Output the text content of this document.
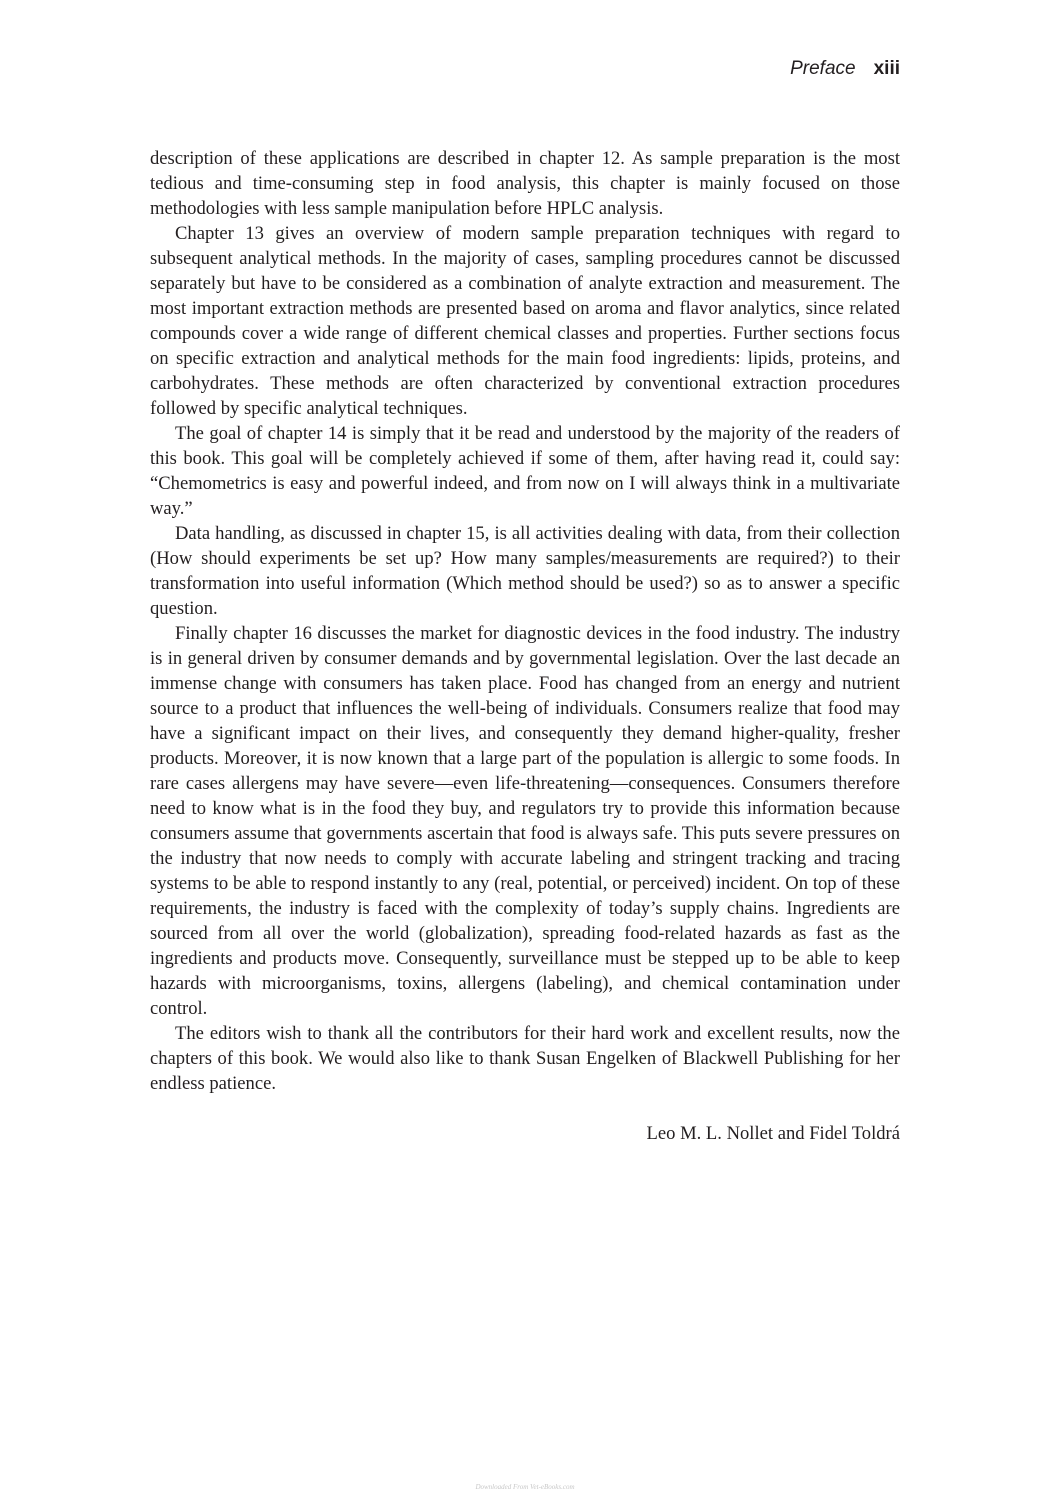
Preface xiii

description of these applications are described in chapter 12. As sample preparation is the most tedious and time-consuming step in food analysis, this chapter is mainly focused on those methodologies with less sample manipulation before HPLC analysis.

Chapter 13 gives an overview of modern sample preparation techniques with regard to subsequent analytical methods. In the majority of cases, sampling procedures cannot be discussed separately but have to be considered as a combination of analyte extraction and measurement. The most important extraction methods are presented based on aroma and flavor analytics, since related compounds cover a wide range of different chemical classes and properties. Further sections focus on specific extraction and analytical methods for the main food ingredients: lipids, proteins, and carbohydrates. These methods are often characterized by conventional extraction procedures followed by specific analytical techniques.

The goal of chapter 14 is simply that it be read and understood by the majority of the readers of this book. This goal will be completely achieved if some of them, after having read it, could say: “Chemometrics is easy and powerful indeed, and from now on I will always think in a multivariate way.”

Data handling, as discussed in chapter 15, is all activities dealing with data, from their collection (How should experiments be set up? How many samples/measurements are required?) to their transformation into useful information (Which method should be used?) so as to answer a specific question.

Finally chapter 16 discusses the market for diagnostic devices in the food industry. The industry is in general driven by consumer demands and by governmental legislation. Over the last decade an immense change with consumers has taken place. Food has changed from an energy and nutrient source to a product that influences the well-being of individuals. Consumers realize that food may have a significant impact on their lives, and consequently they demand higher-quality, fresher products. Moreover, it is now known that a large part of the population is allergic to some foods. In rare cases allergens may have severe—even life-threatening—consequences. Consumers therefore need to know what is in the food they buy, and regulators try to provide this information because consumers assume that governments ascertain that food is always safe. This puts severe pressures on the industry that now needs to comply with accurate labeling and stringent tracking and tracing systems to be able to respond instantly to any (real, potential, or perceived) incident. On top of these requirements, the industry is faced with the complexity of today’s supply chains. Ingredients are sourced from all over the world (globalization), spreading food-related hazards as fast as the ingredients and products move. Consequently, surveillance must be stepped up to be able to keep hazards with microorganisms, toxins, allergens (labeling), and chemical contamination under control.

The editors wish to thank all the contributors for their hard work and excellent results, now the chapters of this book. We would also like to thank Susan Engelken of Blackwell Publishing for her endless patience.

Leo M. L. Nollet and Fidel Toldrá

Downloaded From Vet-eBooks.com
